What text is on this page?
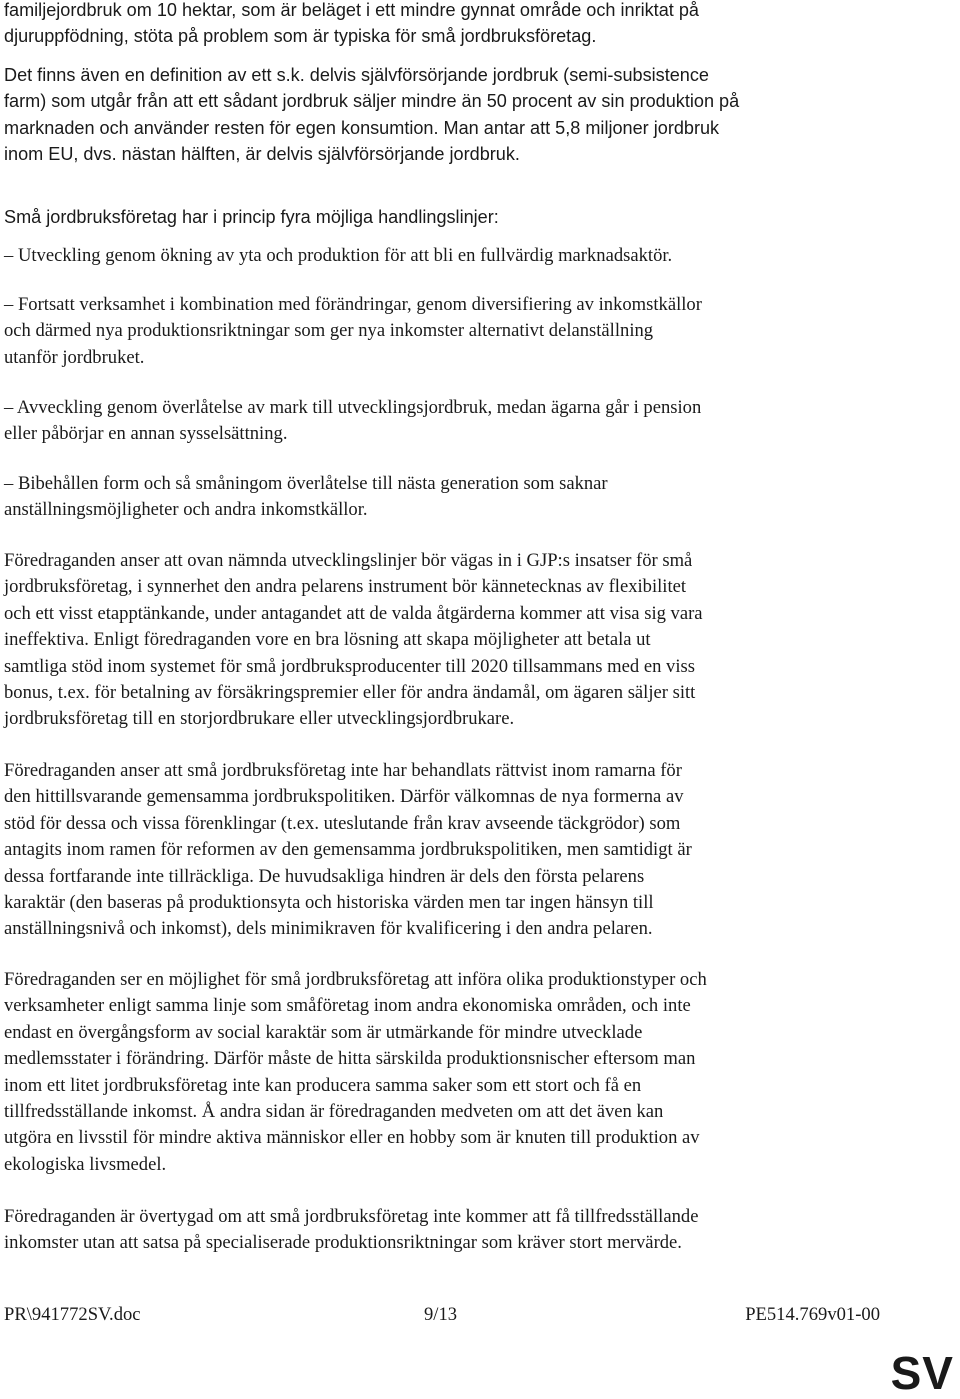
familjejordbruk om 10 hektar, som är beläget i ett mindre gynnat område och inriktat på
djuruppfödning, stöta på problem som är typiska för små jordbruksföretag.
Det finns även en definition av ett s.k. delvis självförsörjande jordbruk (semi-subsistence
farm) som utgår från att ett sådant jordbruk säljer mindre än 50 procent av sin produktion på
marknaden och använder resten för egen konsumtion. Man antar att 5,8 miljoner jordbruk
inom EU, dvs. nästan hälften, är delvis självförsörjande jordbruk.
Små jordbruksföretag har i princip fyra möjliga handlingslinjer:
– Utveckling genom ökning av yta och produktion för att bli en fullvärdig marknadsaktör.
– Fortsatt verksamhet i kombination med förändringar, genom diversifiering av inkomstkällor
och därmed nya produktionsriktningar som ger nya inkomster alternativt delanställning
utanför jordbruket.
– Avveckling genom överlåtelse av mark till utvecklingsjordbruk, medan ägarna går i pension
eller påbörjar en annan sysselsättning.
– Bibehållen form och så småningom överlåtelse till nästa generation som saknar
anställningsmöjligheter och andra inkomstkällor.
Föredraganden anser att ovan nämnda utvecklingslinjer bör vägas in i GJP:s insatser för små
jordbruksföretag, i synnerhet den andra pelarens instrument bör kännetecknas av flexibilitet
och ett visst etapptänkande, under antagandet att de valda åtgärderna kommer att visa sig vara
ineffektiva. Enligt föredraganden vore en bra lösning att skapa möjligheter att betala ut
samtliga stöd inom systemet för små jordbruksproducenter till 2020 tillsammans med en viss
bonus, t.ex. för betalning av försäkringspremier eller för andra ändamål, om ägaren säljer sitt
jordbruksföretag till en storjordbrukare eller utvecklingsjordbrukare.
Föredraganden anser att små jordbruksföretag inte har behandlats rättvist inom ramarna för
den hittillsvarande gemensamma jordbrukspolitiken. Därför välkomnas de nya formerna av
stöd för dessa och vissa förenklingar (t.ex. uteslutande från krav avseende täckgrödor) som
antagits inom ramen för reformen av den gemensamma jordbrukspolitiken, men samtidigt är
dessa fortfarande inte tillräckliga. De huvudsakliga hindren är dels den första pelarens
karaktär (den baseras på produktionsyta och historiska värden men tar ingen hänsyn till
anställningsnivå och inkomst), dels minimikraven för kvalificering i den andra pelaren.
Föredraganden ser en möjlighet för små jordbruksföretag att införa olika produktionstyper och
verksamheter enligt samma linje som småföretag inom andra ekonomiska områden, och inte
endast en övergångsform av social karaktär som är utmärkande för mindre utvecklade
medlemsstater i förändring. Därför måste de hitta särskilda produktionsnischer eftersom man
inom ett litet jordbruksföretag inte kan producera samma saker som ett stort och få en
tillfredsställande inkomst. Å andra sidan är föredraganden medveten om att det även kan
utgöra en livsstil för mindre aktiva människor eller en hobby som är knuten till produktion av
ekologiska livsmedel.
Föredraganden är övertygad om att små jordbruksföretag inte kommer att få tillfredsställande
inkomster utan att satsa på specialiserade produktionsriktningar som kräver stort mervärde.
PR\941772SV.doc	9/13	PE514.769v01-00
SV
